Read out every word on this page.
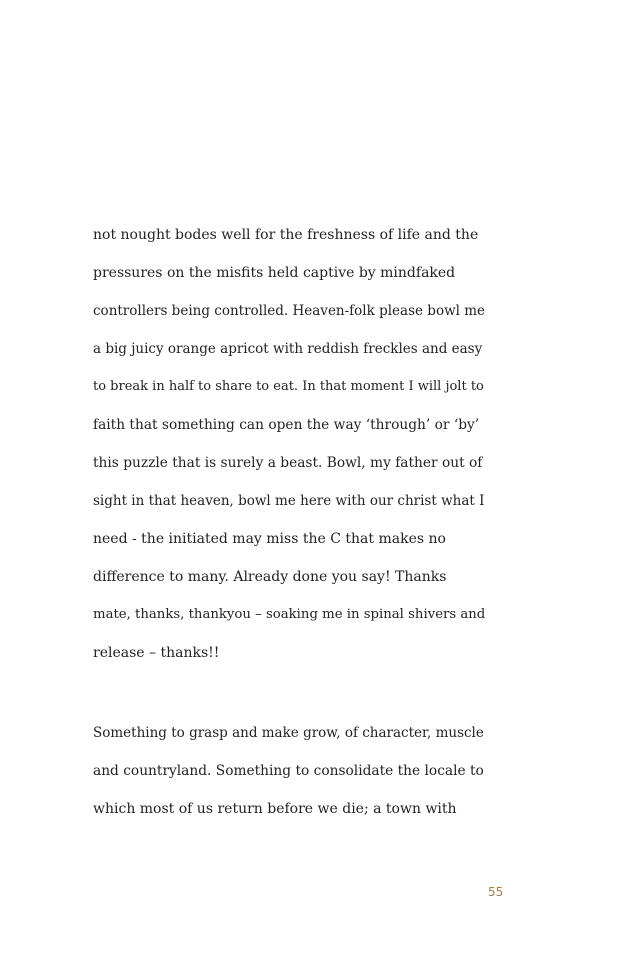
not nought bodes well for the freshness of life and the
pressures on the misfits held captive by mindfaked
controllers being controlled. Heaven-folk please bowl me
a big juicy orange apricot with reddish freckles and easy
to break in half to share to eat. In that moment I will jolt to
faith that something can open the way ‘through’ or ‘by’
this puzzle that is surely a beast. Bowl, my father out of
sight in that heaven, bowl me here with our christ what I
need - the initiated may miss the C that makes no
difference to many. Already done you say! Thanks
mate, thanks, thankyou – soaking me in spinal shivers and
release – thanks!!
Something to grasp and make grow, of character, muscle
and countryland. Something to consolidate the locale to
which most of us return before we die; a town with
55
